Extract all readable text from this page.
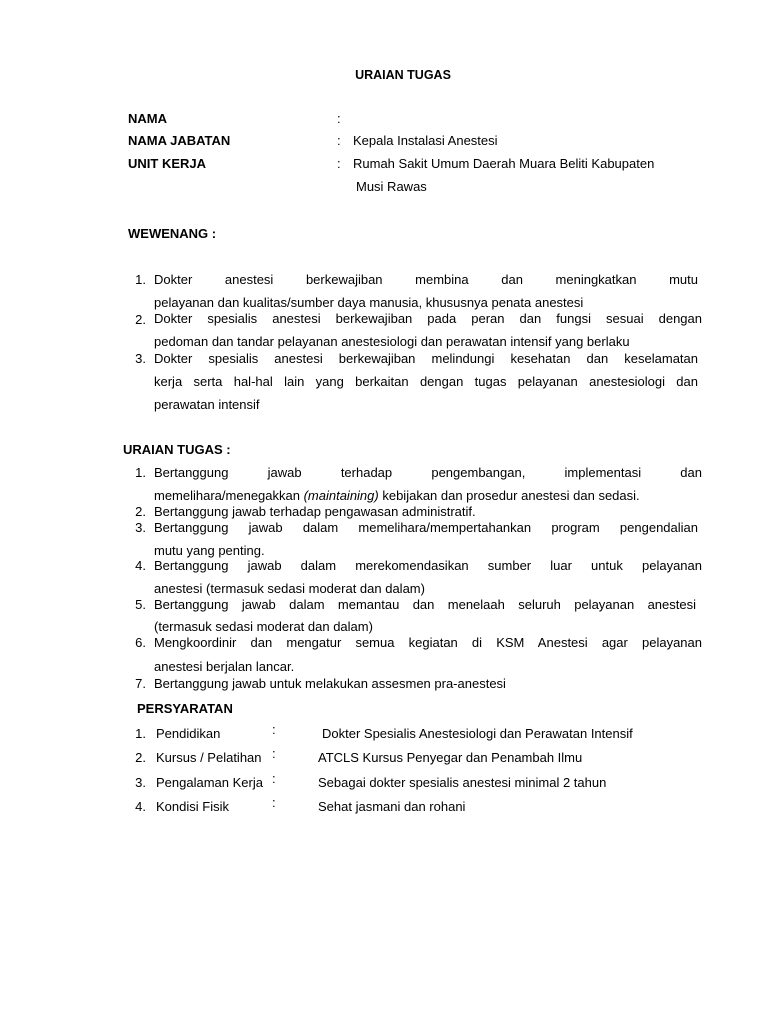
URAIAN TUGAS
NAMA	:
NAMA JABATAN	: Kepala Instalasi Anestesi
UNIT KERJA	: Rumah Sakit Umum Daerah Muara Beliti Kabupaten
Musi Rawas
WEWENANG :
1. Dokter anestesi berkewajiban membina dan meningkatkan mutu
pelayanan dan kualitas/sumber daya manusia, khususnya penata anestesi
2. Dokter spesialis anestesi berkewajiban pada peran dan fungsi sesuai dengan
pedoman dan tandar pelayanan anestesiologi dan perawatan intensif yang berlaku
3. Dokter spesialis anestesi berkewajiban melindungi kesehatan dan keselamatan
kerja serta hal-hal lain yang berkaitan dengan tugas pelayanan anestesiologi dan
perawatan intensif
URAIAN TUGAS :
1. Bertanggung jawab terhadap pengembangan, implementasi dan
memelihara/menegakkan (maintaining) kebijakan dan prosedur anestesi dan sedasi.
2. Bertanggung jawab terhadap pengawasan administratif.
3. Bertanggung jawab dalam memelihara/mempertahankan program pengendalian
mutu yang penting.
4. Bertanggung jawab dalam merekomendasikan sumber luar untuk pelayanan
anestesi (termasuk sedasi moderat dan dalam)
5. Bertanggung jawab dalam memantau dan menelaah seluruh pelayanan anestesi
(termasuk sedasi moderat dan dalam)
6. Mengkoordinir dan mengatur semua kegiatan di KSM Anestesi agar pelayanan
anestesi berjalan lancar.
7. Bertanggung jawab untuk melakukan assesmen pra-anestesi
PERSYARATAN
1. Pendidikan	:	Dokter Spesialis Anestesiologi dan Perawatan Intensif
2. Kursus / Pelatihan :	ATCLS Kursus Penyegar dan Penambah Ilmu
3. Pengalaman Kerja :	Sebagai dokter spesialis anestesi minimal 2 tahun
4. Kondisi Fisik	:	Sehat jasmani dan rohani
